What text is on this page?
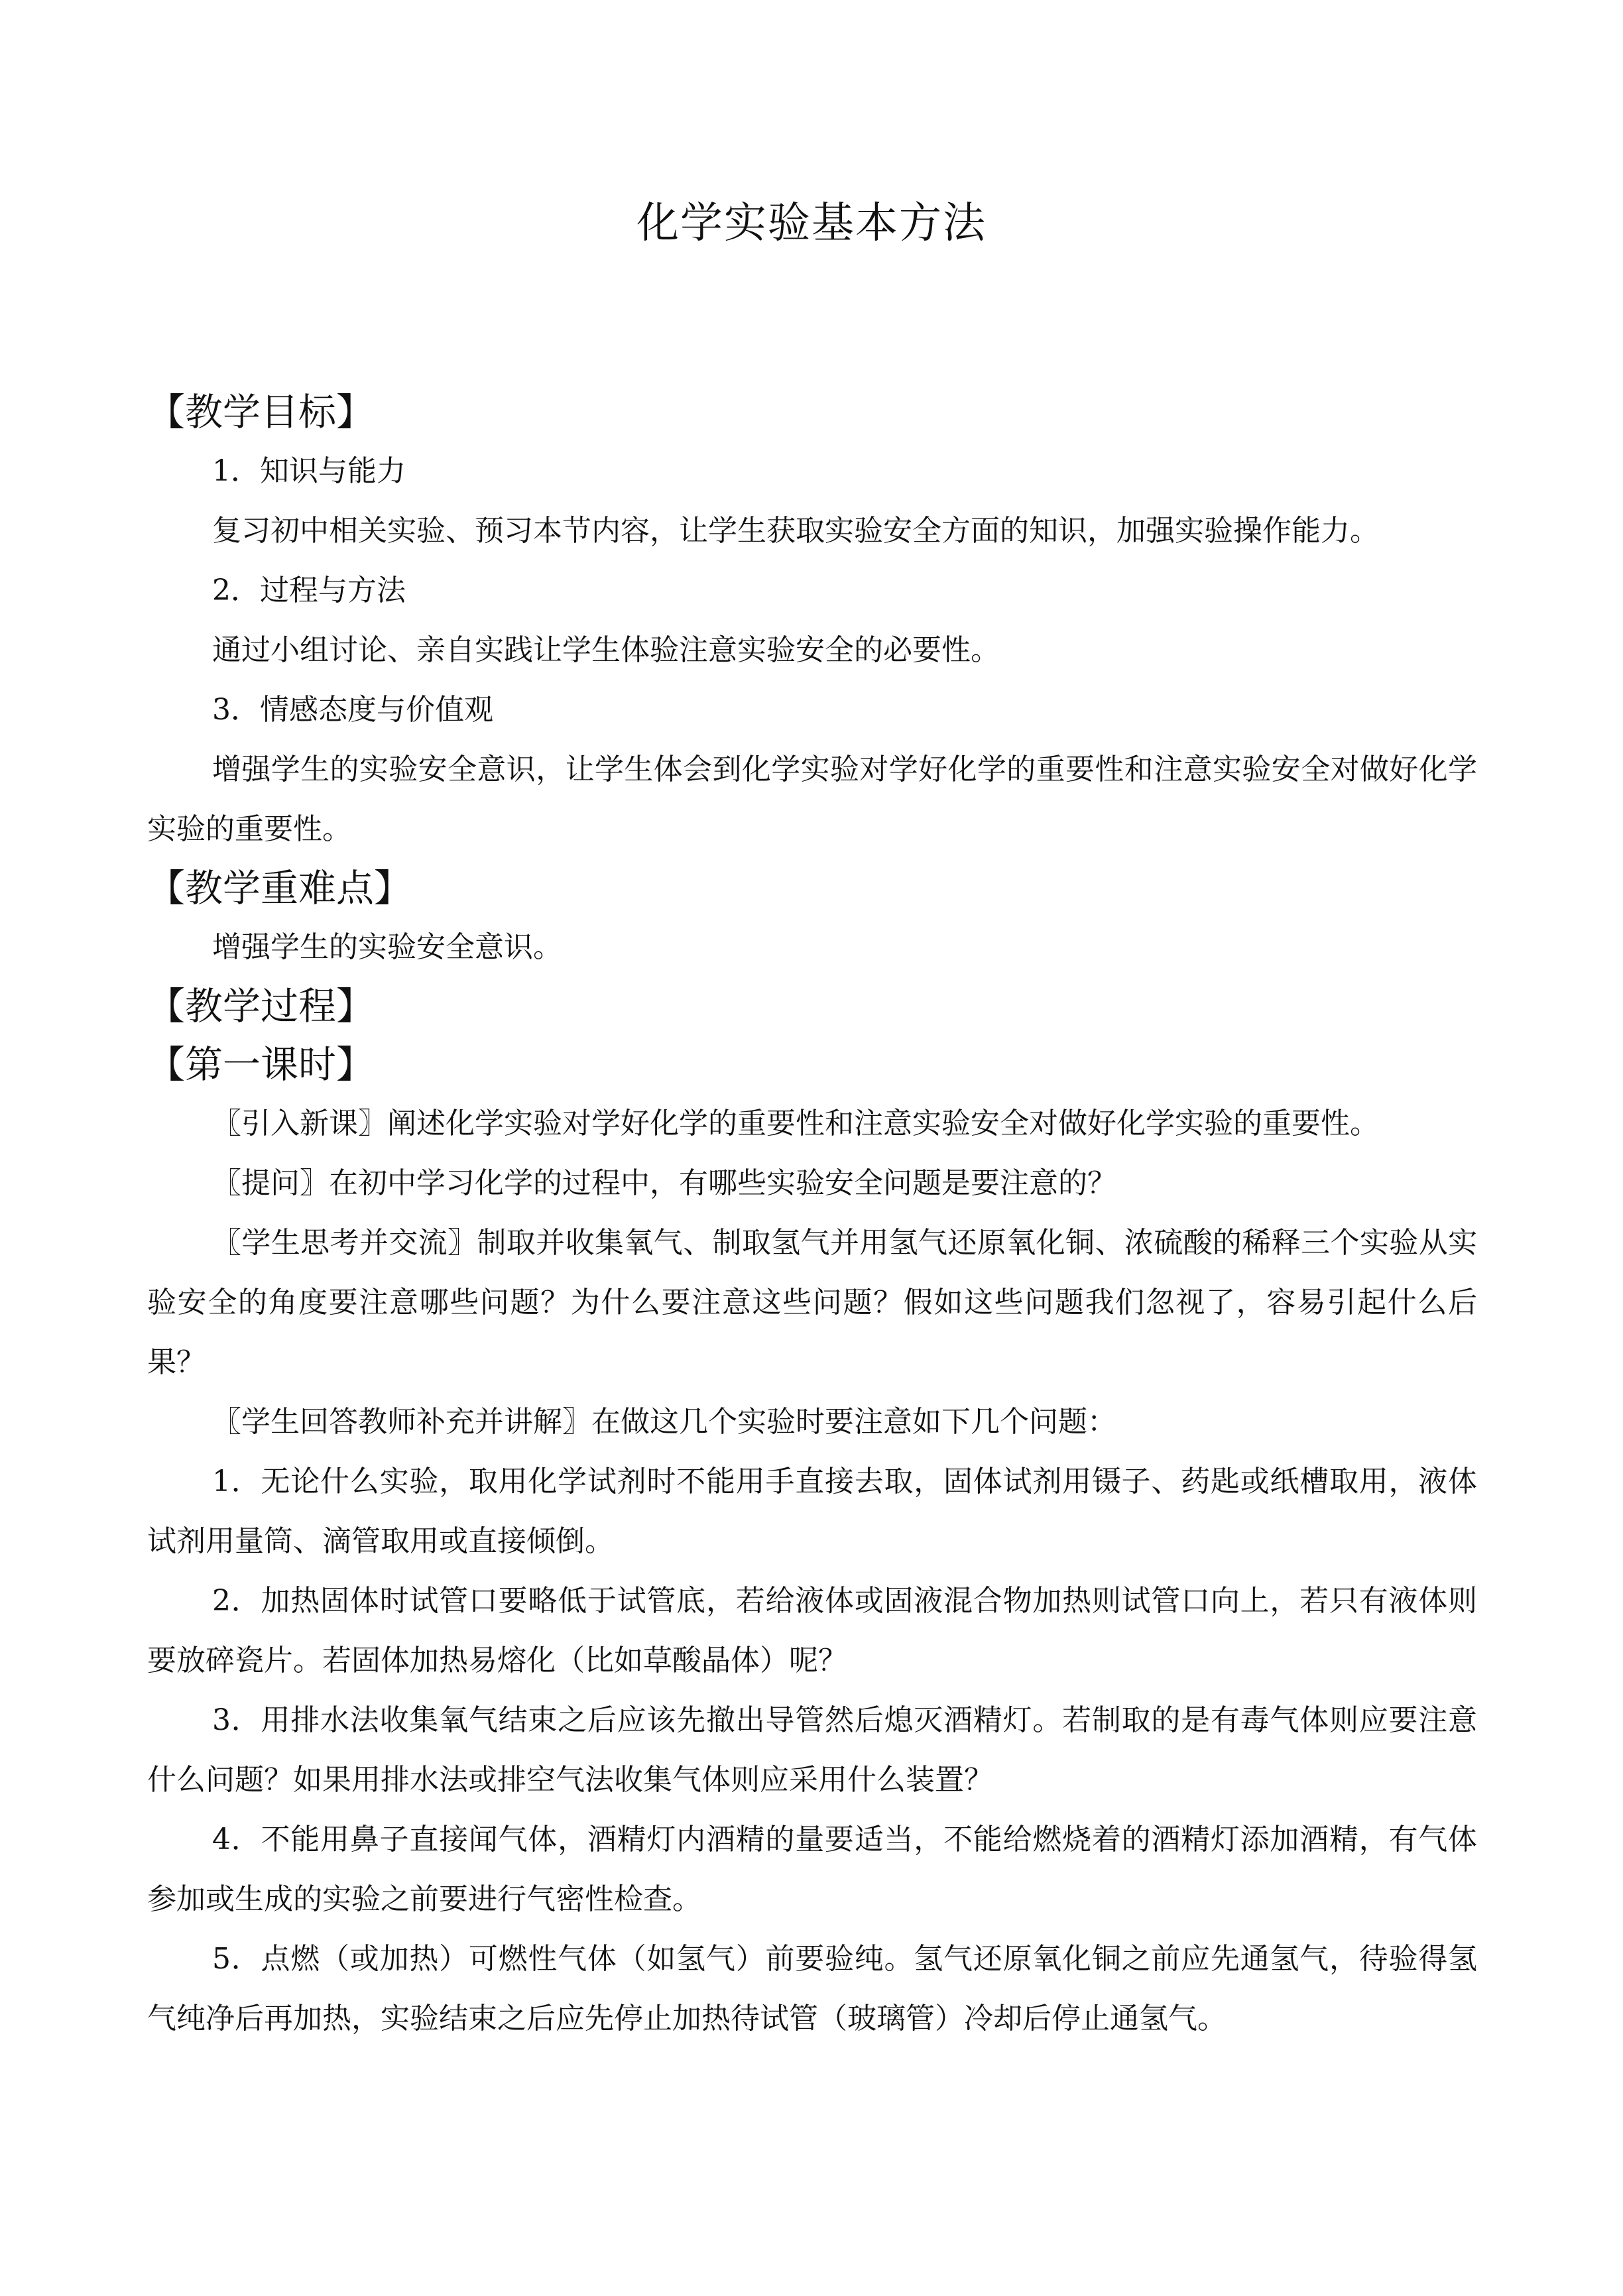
化学实验基本方法
【教学目标】
1．知识与能力
复习初中相关实验、预习本节内容，让学生获取实验安全方面的知识，加强实验操作能力。
2．过程与方法
通过小组讨论、亲自实践让学生体验注意实验安全的必要性。
3．情感态度与价值观
增强学生的实验安全意识，让学生体会到化学实验对学好化学的重要性和注意实验安全对做好化学实验的重要性。
【教学重难点】
增强学生的实验安全意识。
【教学过程】
【第一课时】
〖引入新课〗阐述化学实验对学好化学的重要性和注意实验安全对做好化学实验的重要性。
〖提问〗在初中学习化学的过程中，有哪些实验安全问题是要注意的？
〖学生思考并交流〗制取并收集氧气、制取氢气并用氢气还原氧化铜、浓硫酸的稀释三个实验从实验安全的角度要注意哪些问题？为什么要注意这些问题？假如这些问题我们忽视了，容易引起什么后果？
〖学生回答教师补充并讲解〗在做这几个实验时要注意如下几个问题：
1．无论什么实验，取用化学试剂时不能用手直接去取，固体试剂用镊子、药匙或纸槽取用，液体试剂用量筒、滴管取用或直接倾倒。
2．加热固体时试管口要略低于试管底，若给液体或固液混合物加热则试管口向上，若只有液体则要放碎瓷片。若固体加热易熔化（比如草酸晶体）呢？
3．用排水法收集氧气结束之后应该先撤出导管然后熄灭酒精灯。若制取的是有毒气体则应要注意什么问题？如果用排水法或排空气法收集气体则应采用什么装置？
4．不能用鼻子直接闻气体，酒精灯内酒精的量要适当，不能给燃烧着的酒精灯添加酒精，有气体参加或生成的实验之前要进行气密性检查。
5．点燃（或加热）可燃性气体（如氢气）前要验纯。氢气还原氧化铜之前应先通氢气，待验得氢气纯净后再加热，实验结束之后应先停止加热待试管（玻璃管）冷却后停止通氢气。
